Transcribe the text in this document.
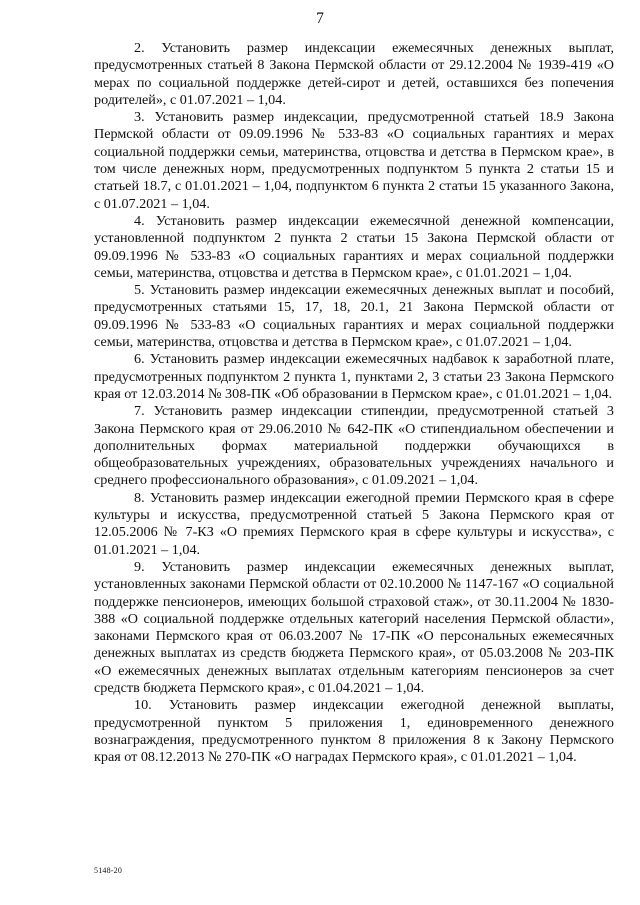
7

2. Установить размер индексации ежемесячных денежных выплат, предусмотренных статьей 8 Закона Пермской области от 29.12.2004 № 1939-419 «О мерах по социальной поддержке детей-сирот и детей, оставшихся без попечения родителей», с 01.07.2021 – 1,04.

3. Установить размер индексации, предусмотренной статьей 18.9 Закона Пермской области от 09.09.1996 № 533-83 «О социальных гарантиях и мерах социальной поддержки семьи, материнства, отцовства и детства в Пермском крае», в том числе денежных норм, предусмотренных подпунктом 5 пункта 2 статьи 15 и статьей 18.7, с 01.01.2021 – 1,04, подпунктом 6 пункта 2 статьи 15 указанного Закона, с 01.07.2021 – 1,04.

4. Установить размер индексации ежемесячной денежной компенсации, установленной подпунктом 2 пункта 2 статьи 15 Закона Пермской области от 09.09.1996 № 533-83 «О социальных гарантиях и мерах социальной поддержки семьи, материнства, отцовства и детства в Пермском крае», с 01.01.2021 – 1,04.

5. Установить размер индексации ежемесячных денежных выплат и пособий, предусмотренных статьями 15, 17, 18, 20.1, 21 Закона Пермской области от 09.09.1996 № 533-83 «О социальных гарантиях и мерах социальной поддержки семьи, материнства, отцовства и детства в Пермском крае», с 01.07.2021 – 1,04.

6. Установить размер индексации ежемесячных надбавок к заработной плате, предусмотренных подпунктом 2 пункта 1, пунктами 2, 3 статьи 23 Закона Пермского края от 12.03.2014 № 308-ПК «Об образовании в Пермском крае», с 01.01.2021 – 1,04.

7. Установить размер индексации стипендии, предусмотренной статьей 3 Закона Пермского края от 29.06.2010 № 642-ПК «О стипендиальном обеспечении и дополнительных формах материальной поддержки обучающихся в общеобразовательных учреждениях, образовательных учреждениях начального и среднего профессионального образования», с 01.09.2021 – 1,04.

8. Установить размер индексации ежегодной премии Пермского края в сфере культуры и искусства, предусмотренной статьей 5 Закона Пермского края от 12.05.2006 № 7-КЗ «О премиях Пермского края в сфере культуры и искусства», с 01.01.2021 – 1,04.

9. Установить размер индексации ежемесячных денежных выплат, установленных законами Пермской области от 02.10.2000 № 1147-167 «О социальной поддержке пенсионеров, имеющих большой страховой стаж», от 30.11.2004 № 1830-388 «О социальной поддержке отдельных категорий населения Пермской области», законами Пермского края от 06.03.2007 № 17-ПК «О персональных ежемесячных денежных выплатах из средств бюджета Пермского края», от 05.03.2008 № 203-ПК «О ежемесячных денежных выплатах отдельным категориям пенсионеров за счет средств бюджета Пермского края», с 01.04.2021 – 1,04.

10. Установить размер индексации ежегодной денежной выплаты, предусмотренной пунктом 5 приложения 1, единовременного денежного вознаграждения, предусмотренного пунктом 8 приложения 8 к Закону Пермского края от 08.12.2013 № 270-ПК «О наградах Пермского края», с 01.01.2021 – 1,04.

5148-20
